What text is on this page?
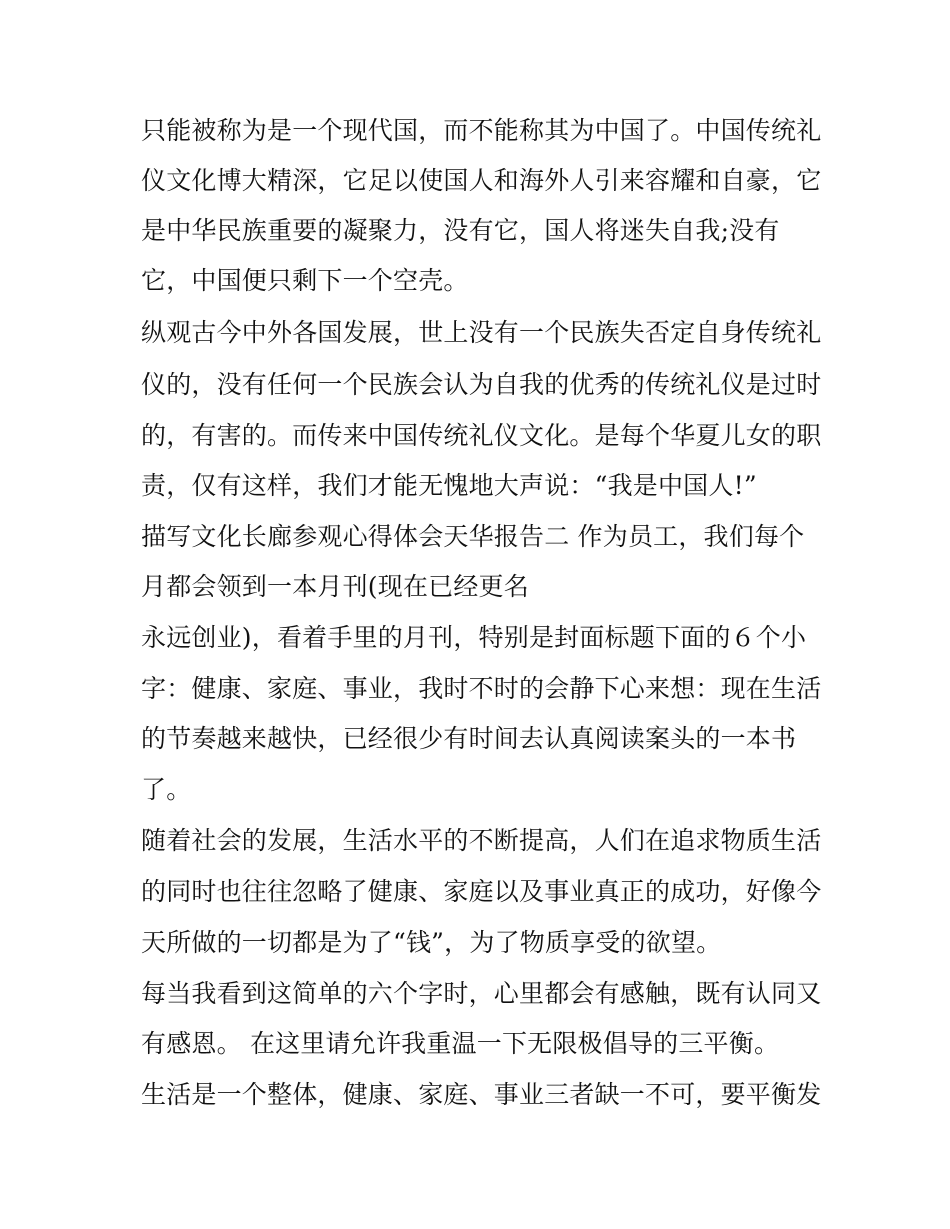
只能被称为是一个现代国，而不能称其为中国了。中国传统礼
仪文化博大精深，它足以使国人和海外人引来容耀和自豪，它
是中华民族重要的凝聚力，没有它，国人将迷失自我;没有
它，中国便只剩下一个空壳。
纵观古今中外各国发展，世上没有一个民族失否定自身传统礼
仪的，没有任何一个民族会认为自我的优秀的传统礼仪是过时
的，有害的。而传来中国传统礼仪文化。是每个华夏儿女的职
责，仅有这样，我们才能无愧地大声说：“我是中国人!”
描写文化长廊参观心得体会天华报告二 作为员工，我们每个
月都会领到一本月刊(现在已经更名
永远创业)，看着手里的月刊，特别是封面标题下面的６个小
字：健康、家庭、事业，我时不时的会静下心来想：现在生活
的节奏越来越快，已经很少有时间去认真阅读案头的一本书
了。
随着社会的发展，生活水平的不断提高，人们在追求物质生活
的同时也往往忽略了健康、家庭以及事业真正的成功，好像今
天所做的一切都是为了“钱”，为了物质享受的欲望。
每当我看到这简单的六个字时，心里都会有感触，既有认同又
有感恩。 在这里请允许我重温一下无限极倡导的三平衡。
生活是一个整体，健康、家庭、事业三者缺一不可，要平衡发
